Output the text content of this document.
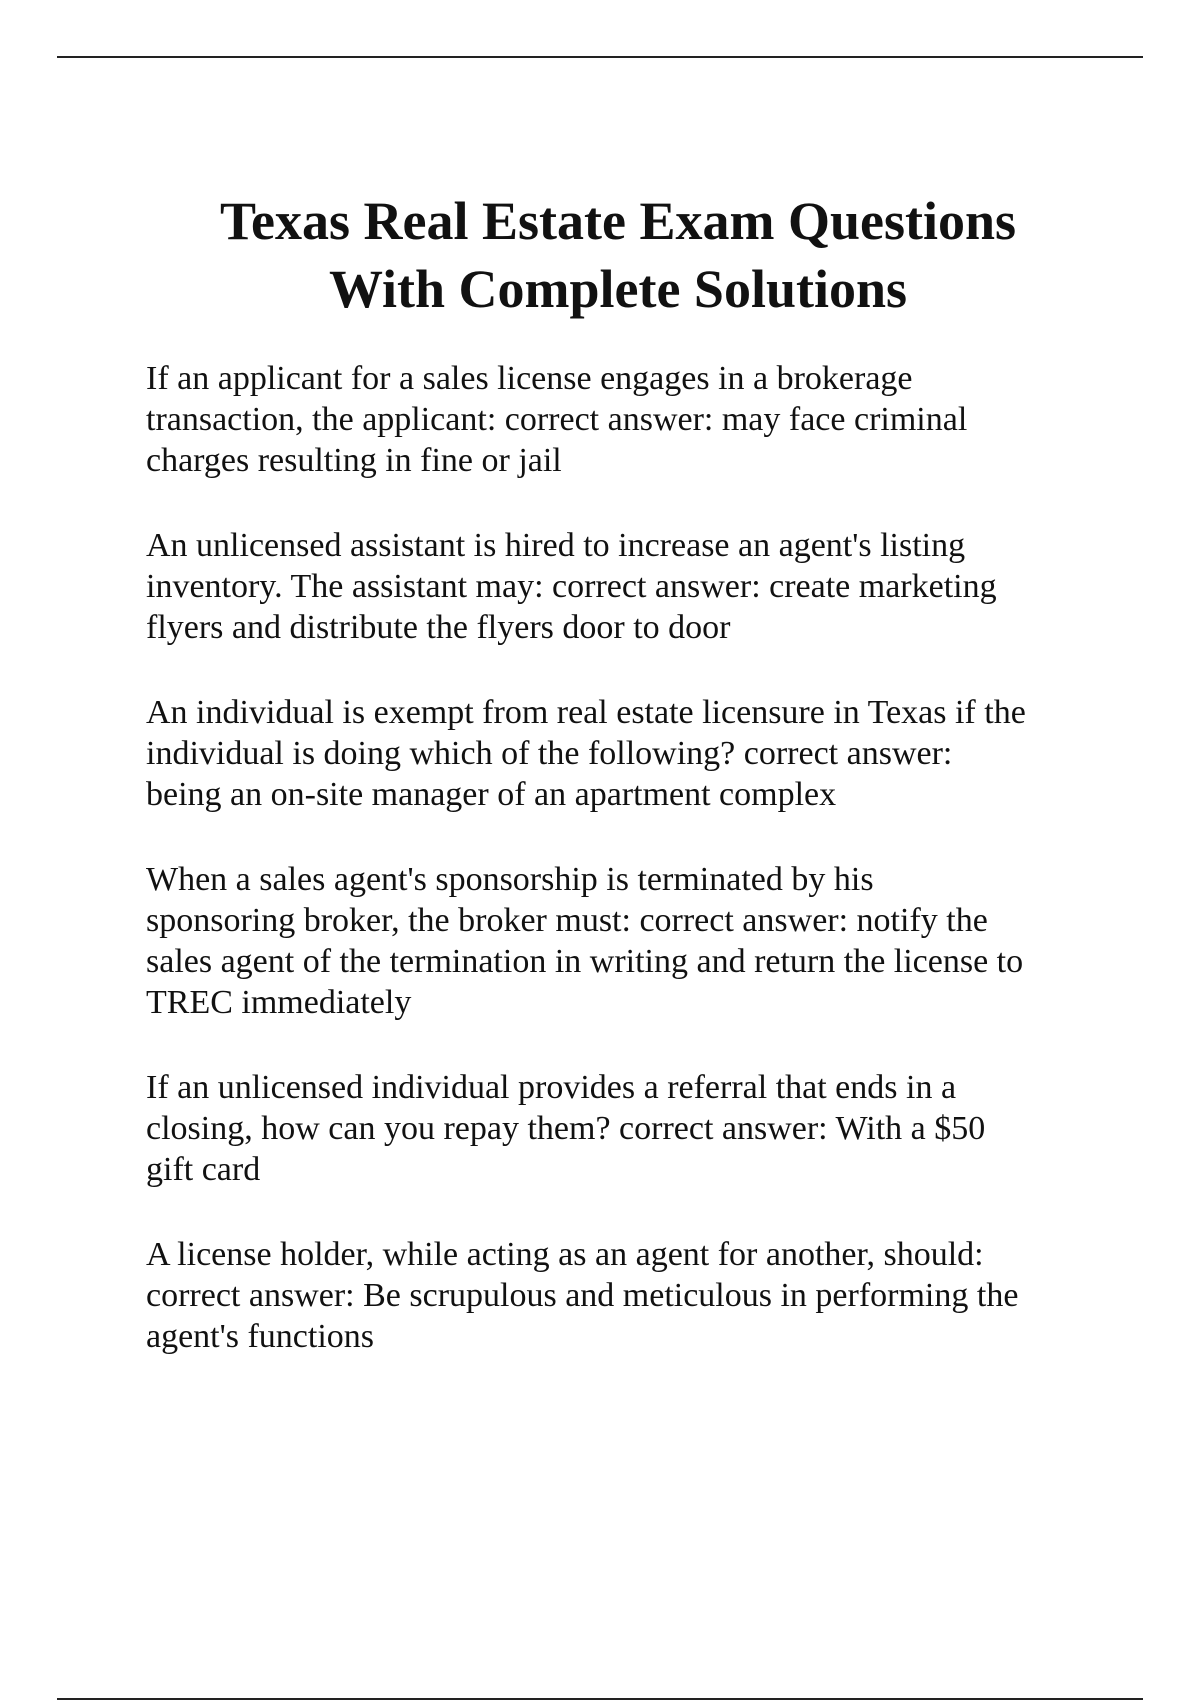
Texas Real Estate Exam Questions
With Complete Solutions

If an applicant for a sales license engages in a brokerage
transaction, the applicant: correct answer: may face criminal
charges resulting in fine or jail

An unlicensed assistant is hired to increase an agent's listing
inventory. The assistant may: correct answer: create marketing
flyers and distribute the flyers door to door

An individual is exempt from real estate licensure in Texas if the
individual is doing which of the following? correct answer:
being an on-site manager of an apartment complex

When a sales agent's sponsorship is terminated by his
sponsoring broker, the broker must: correct answer: notify the
sales agent of the termination in writing and return the license to
TREC immediately

If an unlicensed individual provides a referral that ends in a
closing, how can you repay them? correct answer: With a $50
gift card

A license holder, while acting as an agent for another, should:
correct answer: Be scrupulous and meticulous in performing the
agent's functions
